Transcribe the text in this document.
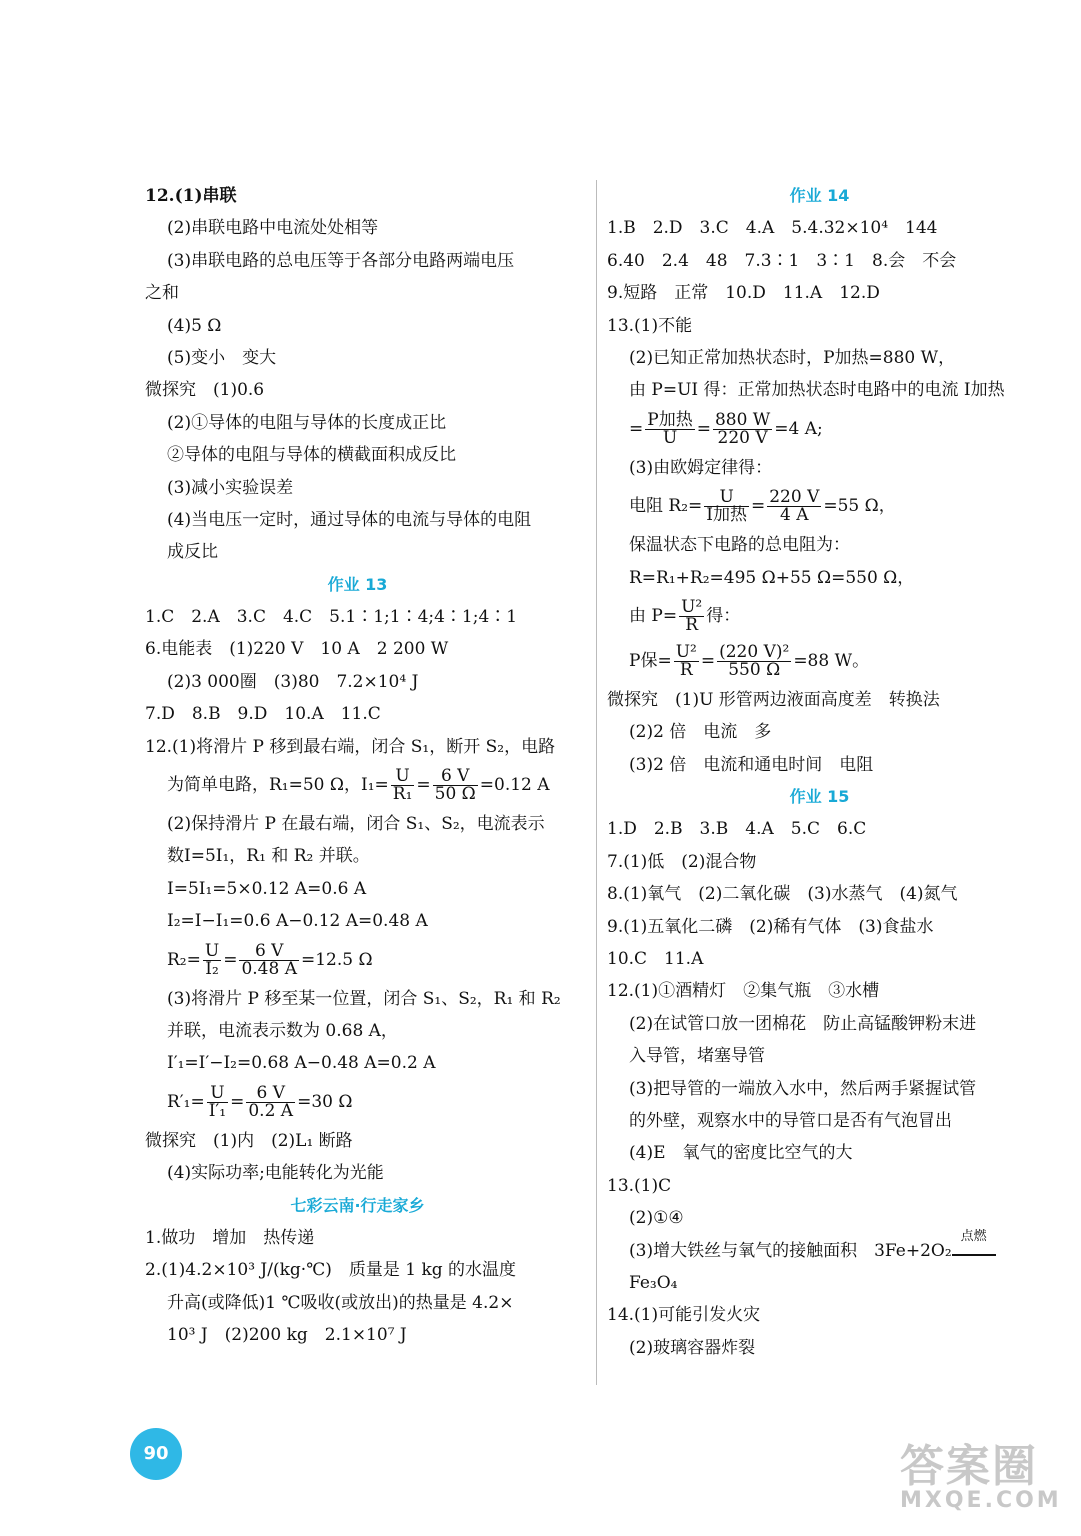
12.(1)串联
(2)串联电路中电流处处相等
(3)串联电路的总电压等于各部分电路两端电压
之和
(4)5 Ω
(5)变小　变大
微探究　(1)0.6
(2)①导体的电阻与导体的长度成正比
②导体的电阻与导体的横截面积成反比
(3)减小实验误差
(4)当电压一定时，通过导体的电流与导体的电阻
成反比
作业 13
1.C　2.A　3.C　4.C　5.1∶1;1∶4;4∶1;4∶1
6.电能表　(1)220 V　10 A　2 200 W
(2)3 000圈　(3)80　7.2×10⁴ J
7.D　8.B　9.D　10.A　11.C
12.(1)将滑片 P 移到最右端，闭合 S₁，断开 S₂，电路
为简单电路，R₁=50 Ω，$I_1= \frac{U}{\text{R₁}} = \frac{6 V}{50 \Omega} =0.12$ A
(2)保持滑片 P 在最右端，闭合 S₁、S₂，电流表示
数I=5I₁，R₁ 和 R₂ 并联。
I=5I₁=5×0.12 A=0.6 A
I₂=I−I₁=0.6 A−0.12 A=0.48 A
$R_2= \frac{U}{\text{I₂}} = \frac{6 V}{0.48 A} =12.5$ Ω
(3)将滑片 P 移至某一位置，闭合 S₁、S₂，R₁ 和 R₂
并联，电流表示数为 0.68 A，
I′₁=I′−I₂=0.68 A−0.48 A=0.2 A
$R'_1= \frac{U}{\text{I′₁}} = \frac{6 V}{0.2 A} =30$ Ω
微探究　(1)内　(2)L₁ 断路
(4)实际功率;电能转化为光能
七彩云南·行走家乡
1.做功　增加　热传递
2.(1)4.2×10³ J/(kg·℃)　质量是 1 kg 的水温度
升高(或降低)1 ℃吸收(或放出)的热量是 4.2×
10³ J　(2)200 kg　2.1×10⁷ J
作业 14
1.B　2.D　3.C　4.A　5.4.32×10⁴　144
6.40　2.4　48　7.3∶1　3∶1　8.会　不会
9.短路　正常　10.D　11.A　12.D
13.(1)不能
(2)已知正常加热状态时，P加热=880 W，
由 P=UI 得：正常加热状态时电路中的电流 I加热
= $\frac{\text{P加热}}{U} = \frac{880 W}{220 V} =4$ A;
(3)由欧姆定律得：
电阻 $R_2= \frac{U}{\text{I加热}} = \frac{220 V}{4 A} =55$ Ω，
保温状态下电路的总电阻为：
R=R₁+R₂=495 Ω+55 Ω=550 Ω，
由 $P= \frac{\text{U²}}{R}$ 得：
P保= $\frac{\text{U²}}{R} = \frac{\text{(220 V)²}}{550 \Omega} =88$ W。
微探究　(1)U 形管两边液面高度差　转换法
(2)2 倍　电流　多
(3)2 倍　电流和通电时间　电阻
作业 15
1.D　2.B　3.B　4.A　5.C　6.C
7.(1)低　(2)混合物
8.(1)氧气　(2)二氧化碳　(3)水蒸气　(4)氮气
9.(1)五氧化二磷　(2)稀有气体　(3)食盐水
10.C　11.A
12.(1)①酒精灯　②集气瓶　③水槽
(2)在试管口放一团棉花　防止高锰酸钾粉末进
入导管，堵塞导管
(3)把导管的一端放入水中，然后两手紧握试管
的外壁，观察水中的导管口是否有气泡冒出
(4)E　氧气的密度比空气的大
13.(1)C
(2)①④
(3)增大铁丝与氧气的接触面积　3Fe+2O₂
点燃
Fe₃O₄
14.(1)可能引发火灾
(2)玻璃容器炸裂
90	答案圈
MXQE.COM
